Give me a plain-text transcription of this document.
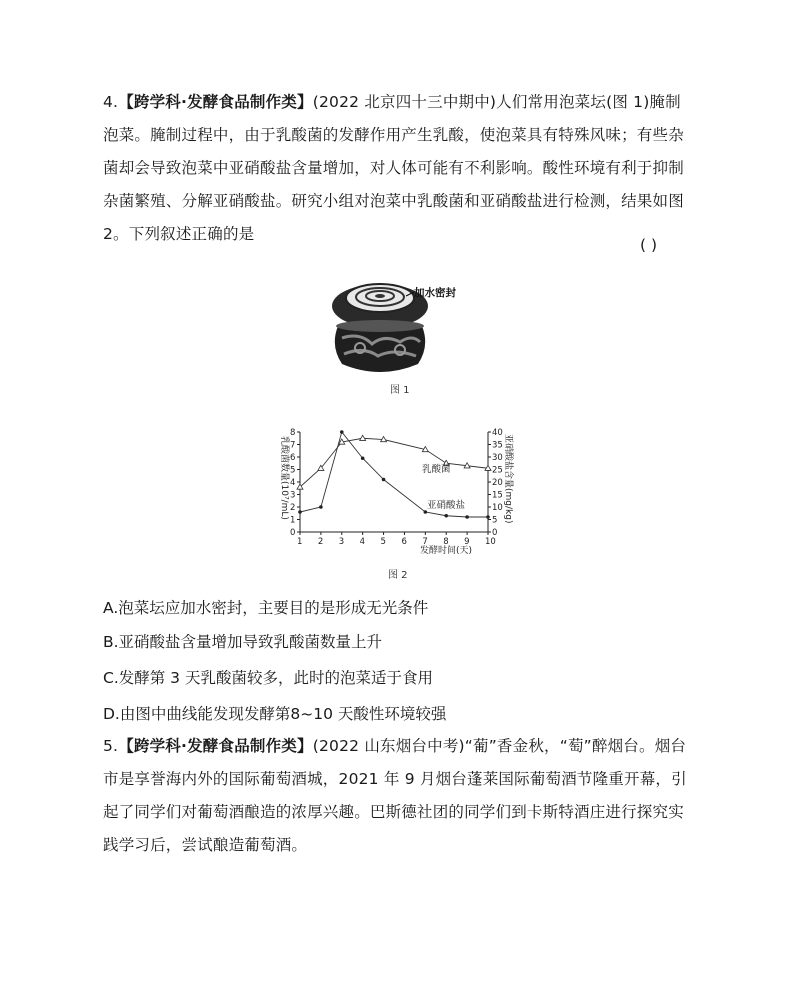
4.【跨学科·发酵食品制作类】(2022 北京四十三中期中)人们常用泡菜坛(图 1)腌制泡菜。腌制过程中，由于乳酸菌的发酵作用产生乳酸，使泡菜具有特殊风味；有些杂菌却会导致泡菜中亚硝酸盐含量增加，对人体可能有不利影响。酸性环境有利于抑制杂菌繁殖、分解亚硝酸盐。研究小组对泡菜中乳酸菌和亚硝酸盐进行检测，结果如图 2。下列叙述正确的是
( )
加水密封
图 1
1 2 3 4 5 6 7 8 9 10
0
1
2
3
4
5
6
7
8
0
5
10
15
20
25
30
35
40
发酵时间(天)
乳酸菌数量(10⁷/mL)	亚硝酸盐含量(mg/kg)
乳酸菌
亚硝酸盐
图 2
A.泡菜坛应加水密封，主要目的是形成无光条件
B.亚硝酸盐含量增加导致乳酸菌数量上升
C.发酵第 3 天乳酸菌较多，此时的泡菜适于食用
D.由图中曲线能发现发酵第8~10 天酸性环境较强
5.【跨学科·发酵食品制作类】(2022 山东烟台中考)“葡”香金秋，“萄”醉烟台。烟台市是享誉海内外的国际葡萄酒城，2021 年 9 月烟台蓬莱国际葡萄酒节隆重开幕，引起了同学们对葡萄酒酿造的浓厚兴趣。巴斯德社团的同学们到卡斯特酒庄进行探究实践学习后，尝试酿造葡萄酒。
